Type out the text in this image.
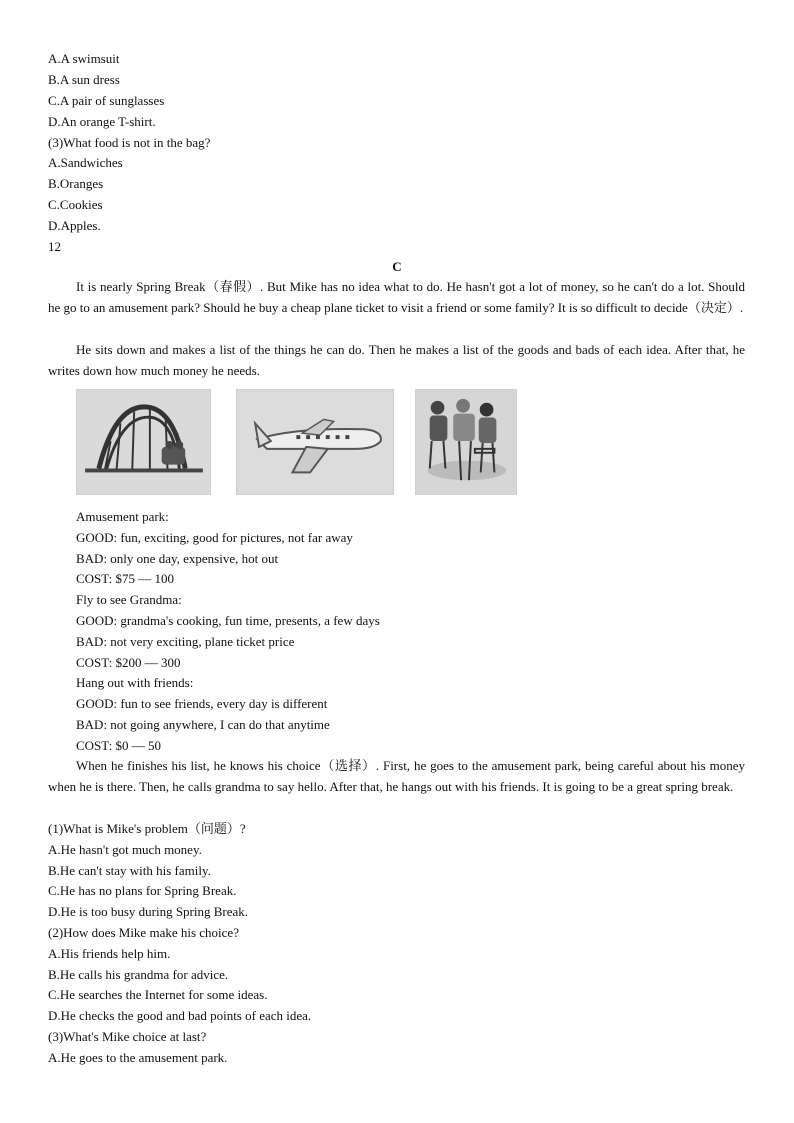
A.A swimsuit
B.A sun dress
C.A pair of sunglasses
D.An orange T-shirt.
(3)What food is not in the bag?
A.Sandwiches
B.Oranges
C.Cookies
D.Apples.
12
C
It is nearly Spring Break（春假）. But Mike has no idea what to do. He hasn't got a lot of money, so he can't do a lot. Should he go to an amusement park? Should he buy a cheap plane ticket to visit a friend or some family? It is so difficult to decide（决定）.
He sits down and makes a list of the things he can do. Then he makes a list of the goods and bads of each idea. After that, he writes down how much money he needs.
Amusement park:
GOOD: fun, exciting, good for pictures, not far away
BAD: only one day, expensive, hot out
COST: $75 — 100
Fly to see Grandma:
GOOD: grandma's cooking, fun time, presents, a few days
BAD: not very exciting, plane ticket price
COST: $200 — 300
Hang out with friends:
GOOD: fun to see friends, every day is different
BAD: not going anywhere, I can do that anytime
COST: $0 — 50
When he finishes his list, he knows his choice（选择）. First, he goes to the amusement park, being careful about his money when he is there. Then, he calls grandma to say hello. After that, he hangs out with his friends. It is going to be a great spring break.
(1)What is Mike's problem（问题）?
A.He hasn't got much money.
B.He can't stay with his family.
C.He has no plans for Spring Break.
D.He is too busy during Spring Break.
(2)How does Mike make his choice?
A.His friends help him.
B.He calls his grandma for advice.
C.He searches the Internet for some ideas.
D.He checks the good and bad points of each idea.
(3)What's Mike choice at last?
A.He goes to the amusement park.
